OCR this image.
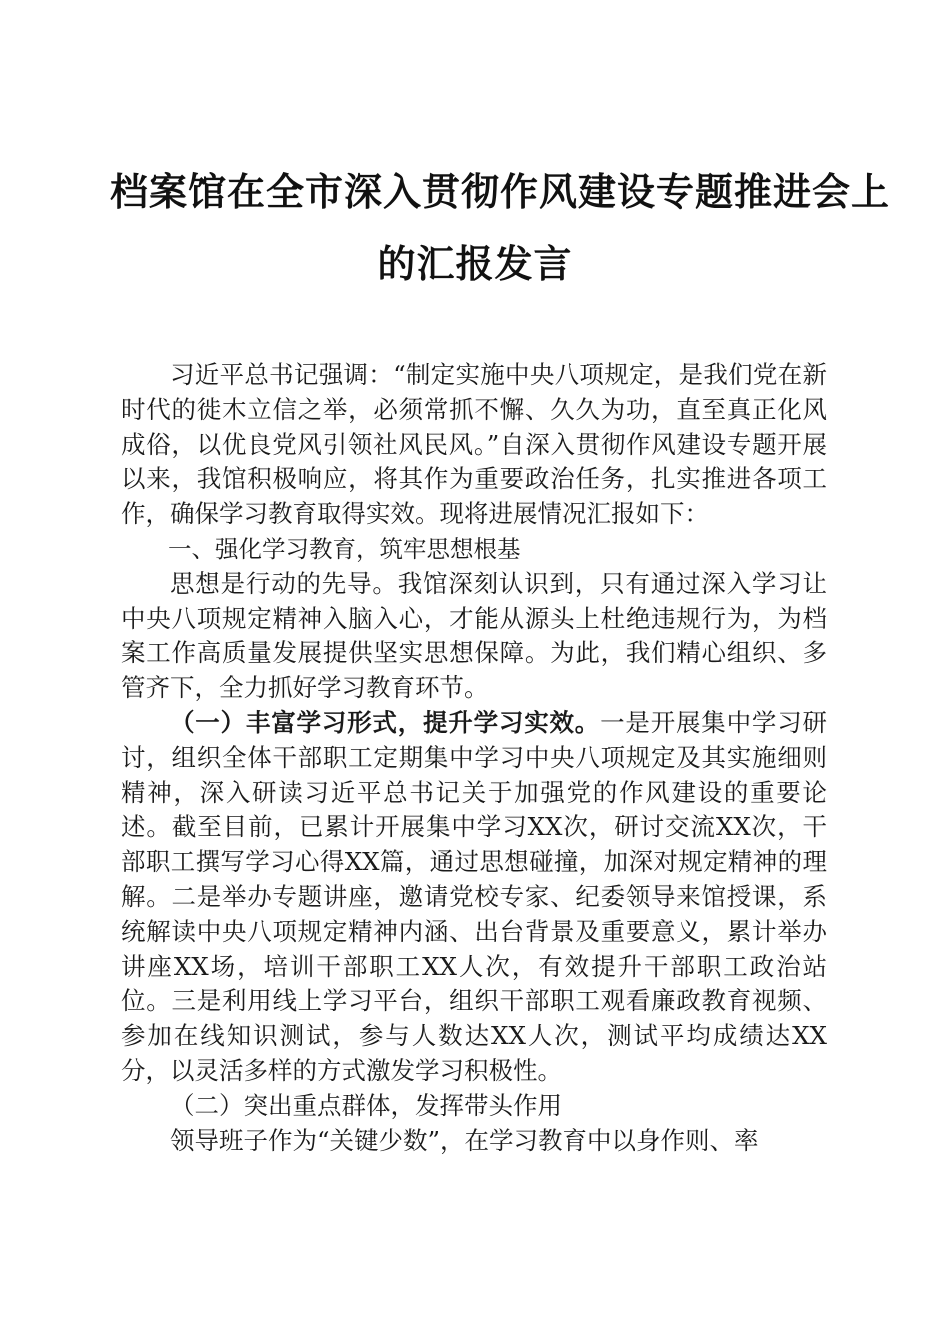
档案馆在全市深入贯彻作风建设专题推进会上
的汇报发言

习近平总书记强调：“制定实施中央八项规定，是我们党在新时代的徙木立信之举，必须常抓不懈、久久为功，直至真正化风成俗，以优良党风引领社风民风。”自深入贯彻作风建设专题开展以来，我馆积极响应，将其作为重要政治任务，扎实推进各项工作，确保学习教育取得实效。现将进展情况汇报如下：

一、强化学习教育，筑牢思想根基

思想是行动的先导。我馆深刻认识到，只有通过深入学习让中央八项规定精神入脑入心，才能从源头上杜绝违规行为，为档案工作高质量发展提供坚实思想保障。为此，我们精心组织、多管齐下，全力抓好学习教育环节。

（一）丰富学习形式，提升学习实效。一是开展集中学习研讨，组织全体干部职工定期集中学习中央八项规定及其实施细则精神，深入研读习近平总书记关于加强党的作风建设的重要论述。截至目前，已累计开展集中学习XX次，研讨交流XX次，干部职工撰写学习心得XX篇，通过思想碰撞，加深对规定精神的理解。二是举办专题讲座，邀请党校专家、纪委领导来馆授课，系统解读中央八项规定精神内涵、出台背景及重要意义，累计举办讲座XX场，培训干部职工XX人次，有效提升干部职工政治站位。三是利用线上学习平台，组织干部职工观看廉政教育视频、参加在线知识测试，参与人数达XX人次，测试平均成绩达XX分，以灵活多样的方式激发学习积极性。

（二）突出重点群体，发挥带头作用

领导班子作为“关键少数”，在学习教育中以身作则、率
